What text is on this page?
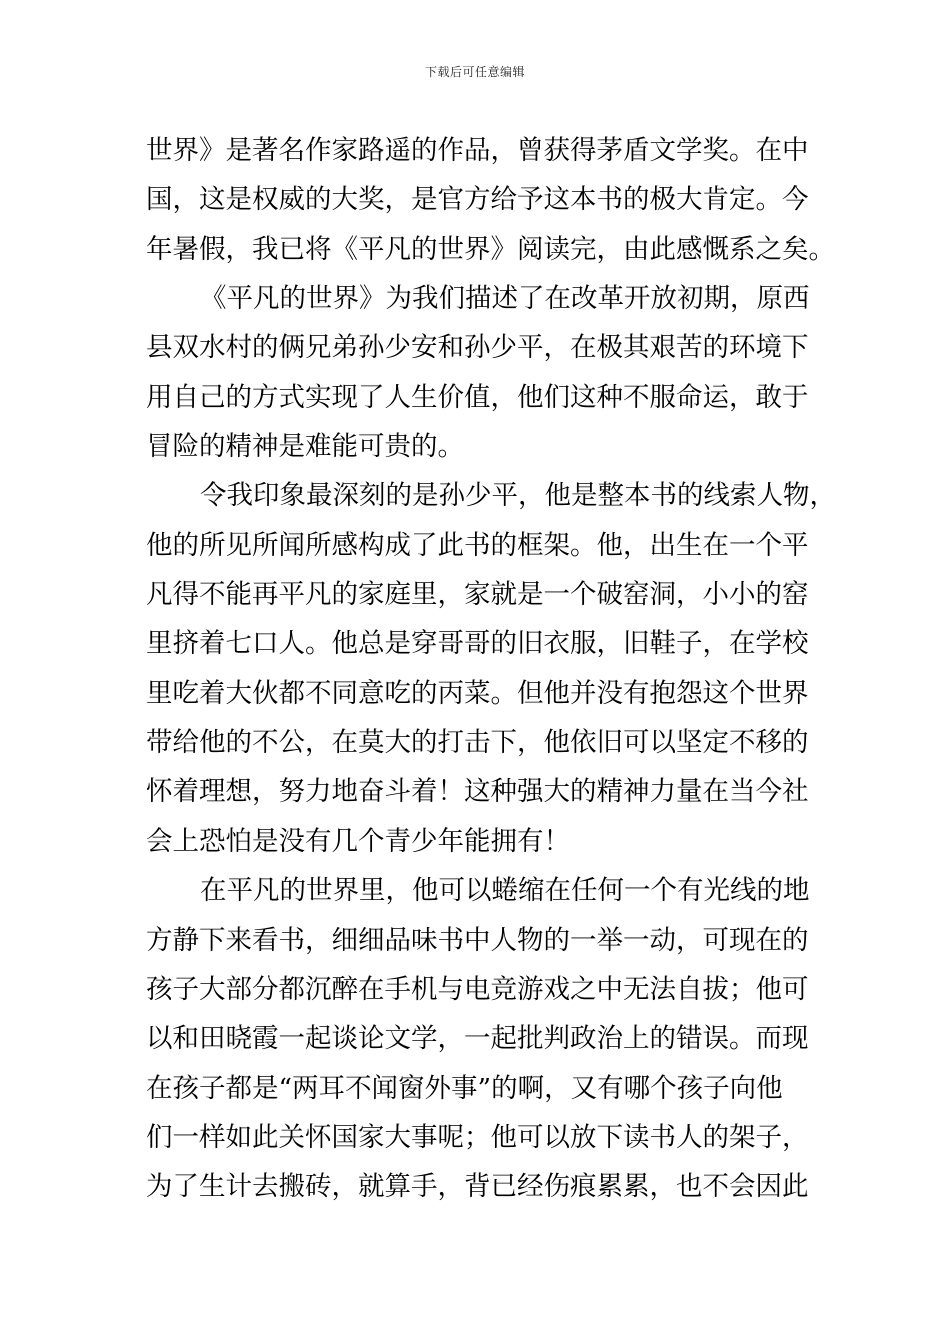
下载后可任意编辑
世界》是著名作家路遥的作品，曾获得茅盾文学奖。在中
国，这是权威的大奖，是官方给予这本书的极大肯定。今
年暑假，我已将《平凡的世界》阅读完，由此感慨系之矣。
《平凡的世界》为我们描述了在改革开放初期，原西
县双水村的俩兄弟孙少安和孙少平，在极其艰苦的环境下
用自己的方式实现了人生价值，他们这种不服命运，敢于
冒险的精神是难能可贵的。
令我印象最深刻的是孙少平，他是整本书的线索人物，
他的所见所闻所感构成了此书的框架。他，出生在一个平
凡得不能再平凡的家庭里，家就是一个破窑洞，小小的窑
里挤着七口人。他总是穿哥哥的旧衣服，旧鞋子，在学校
里吃着大伙都不同意吃的丙菜。但他并没有抱怨这个世界
带给他的不公，在莫大的打击下，他依旧可以坚定不移的
怀着理想，努力地奋斗着！这种强大的精神力量在当今社
会上恐怕是没有几个青少年能拥有！
在平凡的世界里，他可以蜷缩在任何一个有光线的地
方静下来看书，细细品味书中人物的一举一动，可现在的
孩子大部分都沉醉在手机与电竞游戏之中无法自拔；他可
以和田晓霞一起谈论文学，一起批判政治上的错误。而现
在孩子都是“两耳不闻窗外事”的啊，又有哪个孩子向他
们一样如此关怀国家大事呢；他可以放下读书人的架子，
为了生计去搬砖，就算手，背已经伤痕累累，也不会因此
